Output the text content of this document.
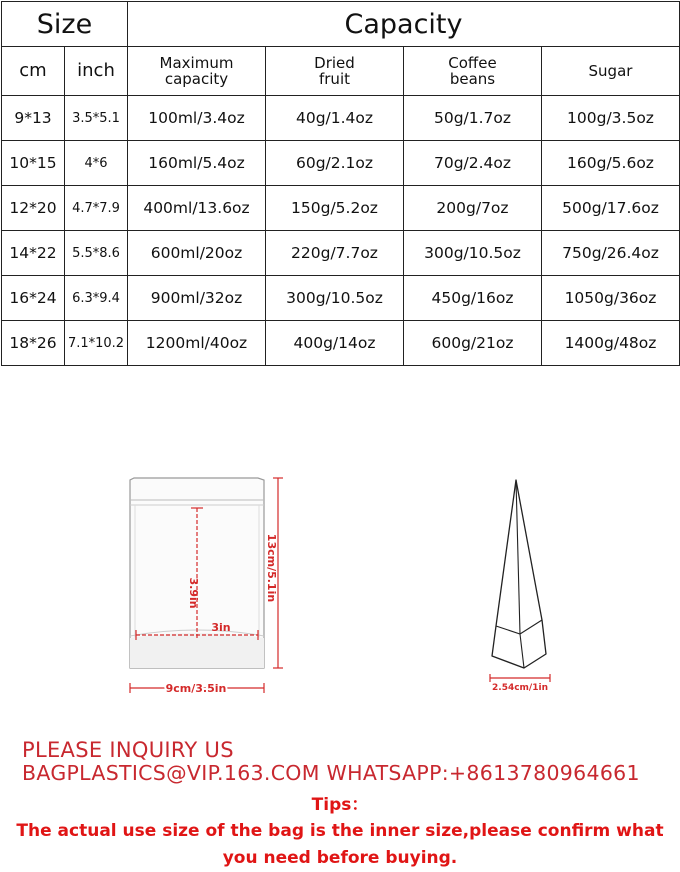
Size		Capacity			
cm	inch	Maximum capacity	Dried fruit	Coffee beans	Sugar
9*13	3.5*5.1	100ml/3.4oz	40g/1.4oz	50g/1.7oz	100g/3.5oz
10*15	4*6	160ml/5.4oz	60g/2.1oz	70g/2.4oz	160g/5.6oz
12*20	4.7*7.9	400ml/13.6oz	150g/5.2oz	200g/7oz	500g/17.6oz
14*22	5.5*8.6	600ml/20oz	220g/7.7oz	300g/10.5oz	750g/26.4oz
16*24	6.3*9.4	900ml/32oz	300g/10.5oz	450g/16oz	1050g/36oz
18*26	7.1*10.2	1200ml/40oz	400g/14oz	600g/21oz	1400g/48oz
3.9in
3in
13cm/5.1in
9cm/3.5in	2.54cm/1in
PLEASE INQUIRY US
BAGPLASTICS@VIP.163.COM WHATSAPP:+8613780964661
Tips：
The actual use size of the bag is the inner size,please confirm what you need before buying.
